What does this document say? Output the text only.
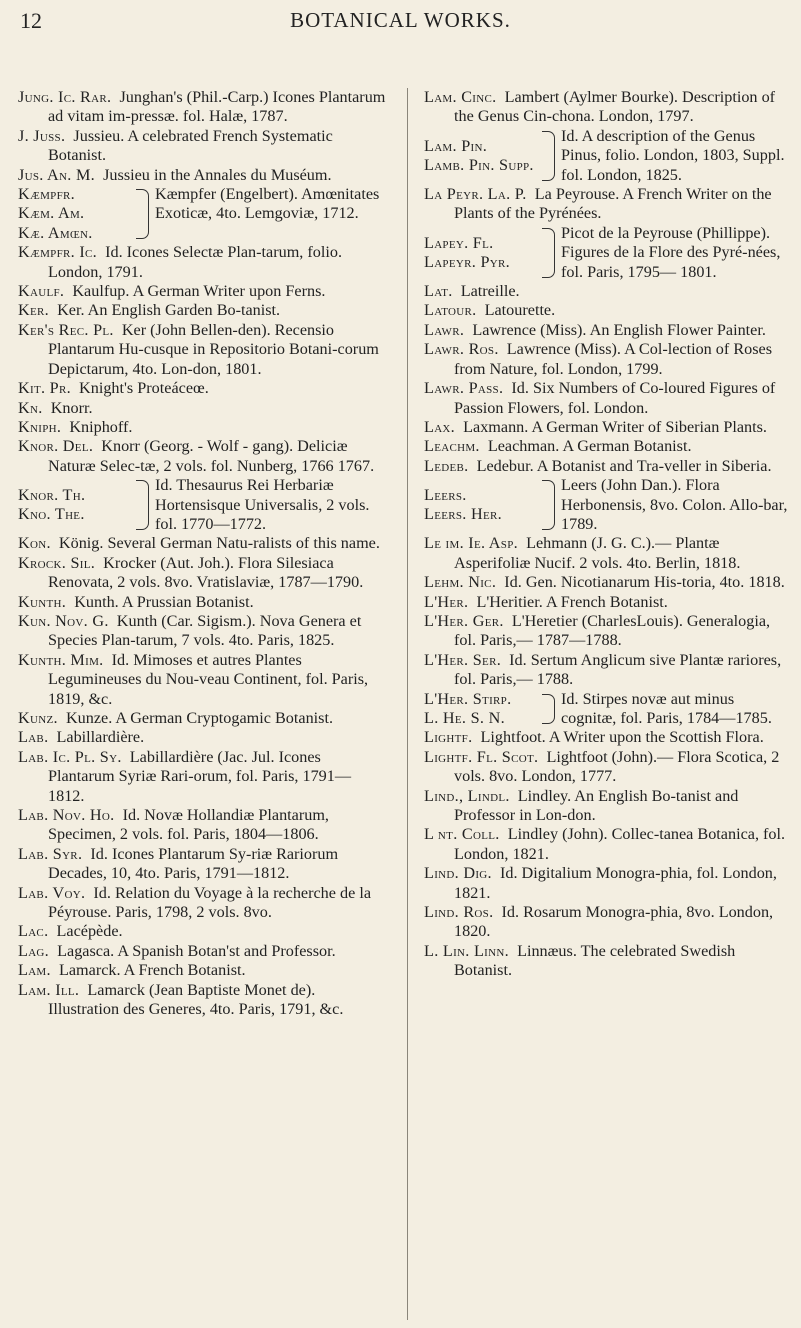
12	BOTANICAL WORKS.

Jung. Ic. Rar.  Junghan's (Phil.-Carp.) Icones Plantarum ad vitam im-pressæ. fol. Halæ, 1787.

J. Juss.  Jussieu. A celebrated French Systematic Botanist.

Jus. An. M.  Jussieu in the Annales du Muséum.

Kæmpfr.
Kæm. Am.
Kæ. Amœn.
Kæmpfer (Engelbert). Amœnitates Exoticæ, 4to. Lemgoviæ, 1712.

Kæmpfr. Ic.  Id. Icones Selectæ Plan-tarum, folio. London, 1791.

Kaulf.  Kaulfup. A German Writer upon Ferns.

Ker.  Ker. An English Garden Bo-tanist.

Ker's Rec. Pl.  Ker (John Bellen-den). Recensio Plantarum Hu-cusque in Repositorio Botani-corum Depictarum, 4to. Lon-don, 1801.

Kit. Pr.  Knight's Proteáceœ.

Kn.  Knorr.

Kniph.  Kniphoff.

Knor. Del.  Knorr (Georg. - Wolf - gang). Deliciæ Naturæ Selec-tæ, 2 vols. fol. Nunberg, 1766 1767.

Knor. Th.
Kno. The.
Id. Thesaurus Rei Herbariæ Hortensisque Universalis, 2 vols. fol. 1770—1772.

Kon.  König. Several German Natu-ralists of this name.

Krock. Sil.  Krocker (Aut. Joh.). Flora Silesiaca Renovata, 2 vols. 8vo. Vratislaviæ, 1787—1790.

Kunth.  Kunth. A Prussian Botanist.

Kun. Nov. G.  Kunth (Car. Sigism.). Nova Genera et Species Plan-tarum, 7 vols. 4to. Paris, 1825.

Kunth. Mim.  Id. Mimoses et autres Plantes Legumineuses du Nou-veau Continent, fol. Paris, 1819, &c.

Kunz.  Kunze. A German Cryptogamic Botanist.

Lab.  Labillardière.

Lab. Ic. Pl. Sy.  Labillardière (Jac. Jul. Icones Plantarum Syriæ Rari-orum, fol. Paris, 1791—1812.

Lab. Nov. Ho.  Id. Novæ Hollandiæ Plantarum, Specimen, 2 vols. fol. Paris, 1804—1806.

Lab. Syr.  Id. Icones Plantarum Sy-riæ Rariorum Decades, 10, 4to. Paris, 1791—1812.

Lab. Voy.  Id. Relation du Voyage à la recherche de la Péyrouse. Paris, 1798, 2 vols. 8vo.

Lac.  Lacépède.

Lag.  Lagasca. A Spanish Botan'st and Professor.

Lam.  Lamarck. A French Botanist.

Lam. Ill.  Lamarck (Jean Baptiste Monet de). Illustration des Generes, 4to. Paris, 1791, &c.

Lam. Cinc.  Lambert (Aylmer Bourke). Description of the Genus Cin-chona. London, 1797.

Lam. Pin.
Lamb. Pin. Supp.
Id. A description of the Genus Pinus, folio. London, 1803, Suppl. fol. London, 1825.

La Peyr. La. P.  La Peyrouse. A French Writer on the Plants of the Pyrénées.

Lapey. Fl.
Lapeyr. Pyr.
Picot de la Peyrouse (Phillippe). Figures de la Flore des Pyré-nées, fol. Paris, 1795— 1801.

Lat.  Latreille.

Latour.  Latourette.

Lawr.  Lawrence (Miss). An English Flower Painter.

Lawr. Ros.  Lawrence (Miss). A Col-lection of Roses from Nature, fol. London, 1799.

Lawr. Pass.  Id. Six Numbers of Co-loured Figures of Passion Flowers, fol. London.

Lax.  Laxmann. A German Writer of Siberian Plants.

Leachm.  Leachman. A German Botanist.

Ledeb.  Ledebur. A Botanist and Tra-veller in Siberia.

Leers.
Leers. Her.
Leers (John Dan.). Flora Herbonensis, 8vo. Colon. Allo-bar, 1789.

Le ım. Ie. Asp.  Lehmann (J. G. C.).— Plantæ Asperifoliæ Nucif. 2 vols. 4to. Berlin, 1818.

Lehm. Nic.  Id. Gen. Nicotianarum His-toria, 4to. 1818.

L'Her.  L'Heritier. A French Botanist.

L'Her. Ger.  L'Heretier (CharlesLouis). Generalogia, fol. Paris,— 1787—1788.

L'Her. Ser.  Id. Sertum Anglicum sive Plantæ rariores, fol. Paris,— 1788.

L'Her. Stirp.
L. He. S. N.
Id. Stirpes novæ aut minus cognitæ, fol. Paris, 1784—1785.

Lightf.  Lightfoot. A Writer upon the Scottish Flora.

Lightf. Fl. Scot.  Lightfoot (John).— Flora Scotica, 2 vols. 8vo. London, 1777.

Lind., Lindl.  Lindley. An English Bo-tanist and Professor in Lon-don.

L nt. Coll.  Lindley (John). Collec-tanea Botanica, fol. London, 1821.

Lind. Dig.  Id. Digitalium Monogra-phia, fol. London, 1821.

Lind. Ros.  Id. Rosarum Monogra-phia, 8vo. London, 1820.

L. Lin. Linn.  Linnæus. The celebrated Swedish Botanist.
